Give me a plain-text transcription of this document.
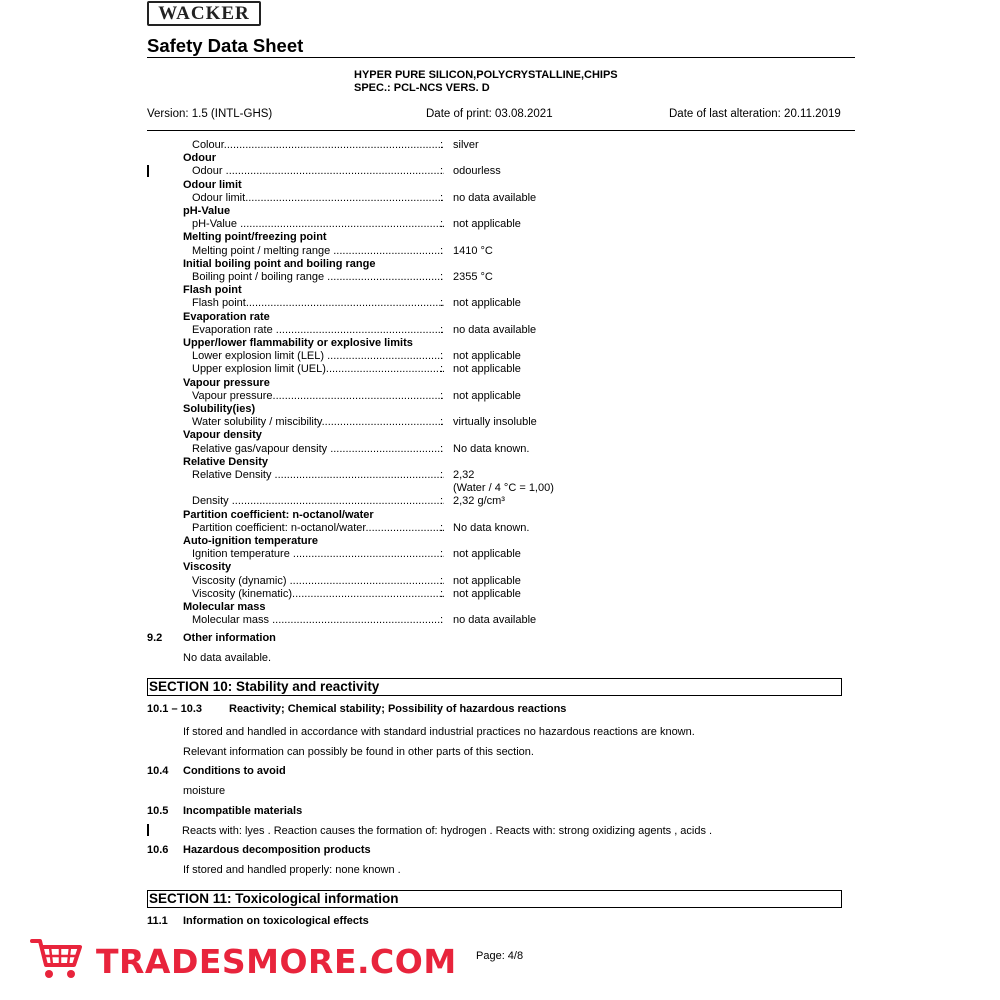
WACKER
Safety Data Sheet
HYPER PURE SILICON,POLYCRYSTALLINE,CHIPS
SPEC.: PCL-NCS VERS. D
Version: 1.5 (INTL-GHS)	Date of print: 03.08.2021	Date of last alteration: 20.11.2019
Colour .....	: silver
Odour
Odour .....	: odourless
Odour limit
Odour limit .....	: no data available
pH-Value
pH-Value .....	: not applicable
Melting point/freezing point
Melting point / melting range .....	: 1410 °C
Initial boiling point and boiling range
Boiling point / boiling range .....	: 2355 °C
Flash point
Flash point .....	: not applicable
Evaporation rate
Evaporation rate .....	: no data available
Upper/lower flammability or explosive limits
Lower explosion limit (LEL) .....	: not applicable
Upper explosion limit (UEL) .....	: not applicable
Vapour pressure
Vapour pressure .....	: not applicable
Solubility(ies)
Water solubility / miscibility .....	: virtually insoluble
Vapour density
Relative gas/vapour density .....	: No data known.
Relative Density
Relative Density .....	: 2,32
(Water / 4 °C = 1,00)
Density .....	: 2,32 g/cm³
Partition coefficient: n-octanol/water
Partition coefficient: n-octanol/water .....	: No data known.
Auto-ignition temperature
Ignition temperature .....	: not applicable
Viscosity
Viscosity (dynamic) .....	: not applicable
Viscosity (kinematic) .....	: not applicable
Molecular mass
Molecular mass .....	: no data available
9.2 Other information
No data available.
SECTION 10: Stability and reactivity
10.1 – 10.3 Reactivity; Chemical stability; Possibility of hazardous reactions
If stored and handled in accordance with standard industrial practices no hazardous reactions are known.
Relevant information can possibly be found in other parts of this section.
10.4 Conditions to avoid
moisture
10.5 Incompatible materials
Reacts with: lyes . Reaction causes the formation of: hydrogen . Reacts with: strong oxidizing agents , acids .
10.6 Hazardous decomposition products
If stored and handled properly: none known .
SECTION 11: Toxicological information
11.1 Information on toxicological effects
Page: 4/8
TRADESMORE.COM
